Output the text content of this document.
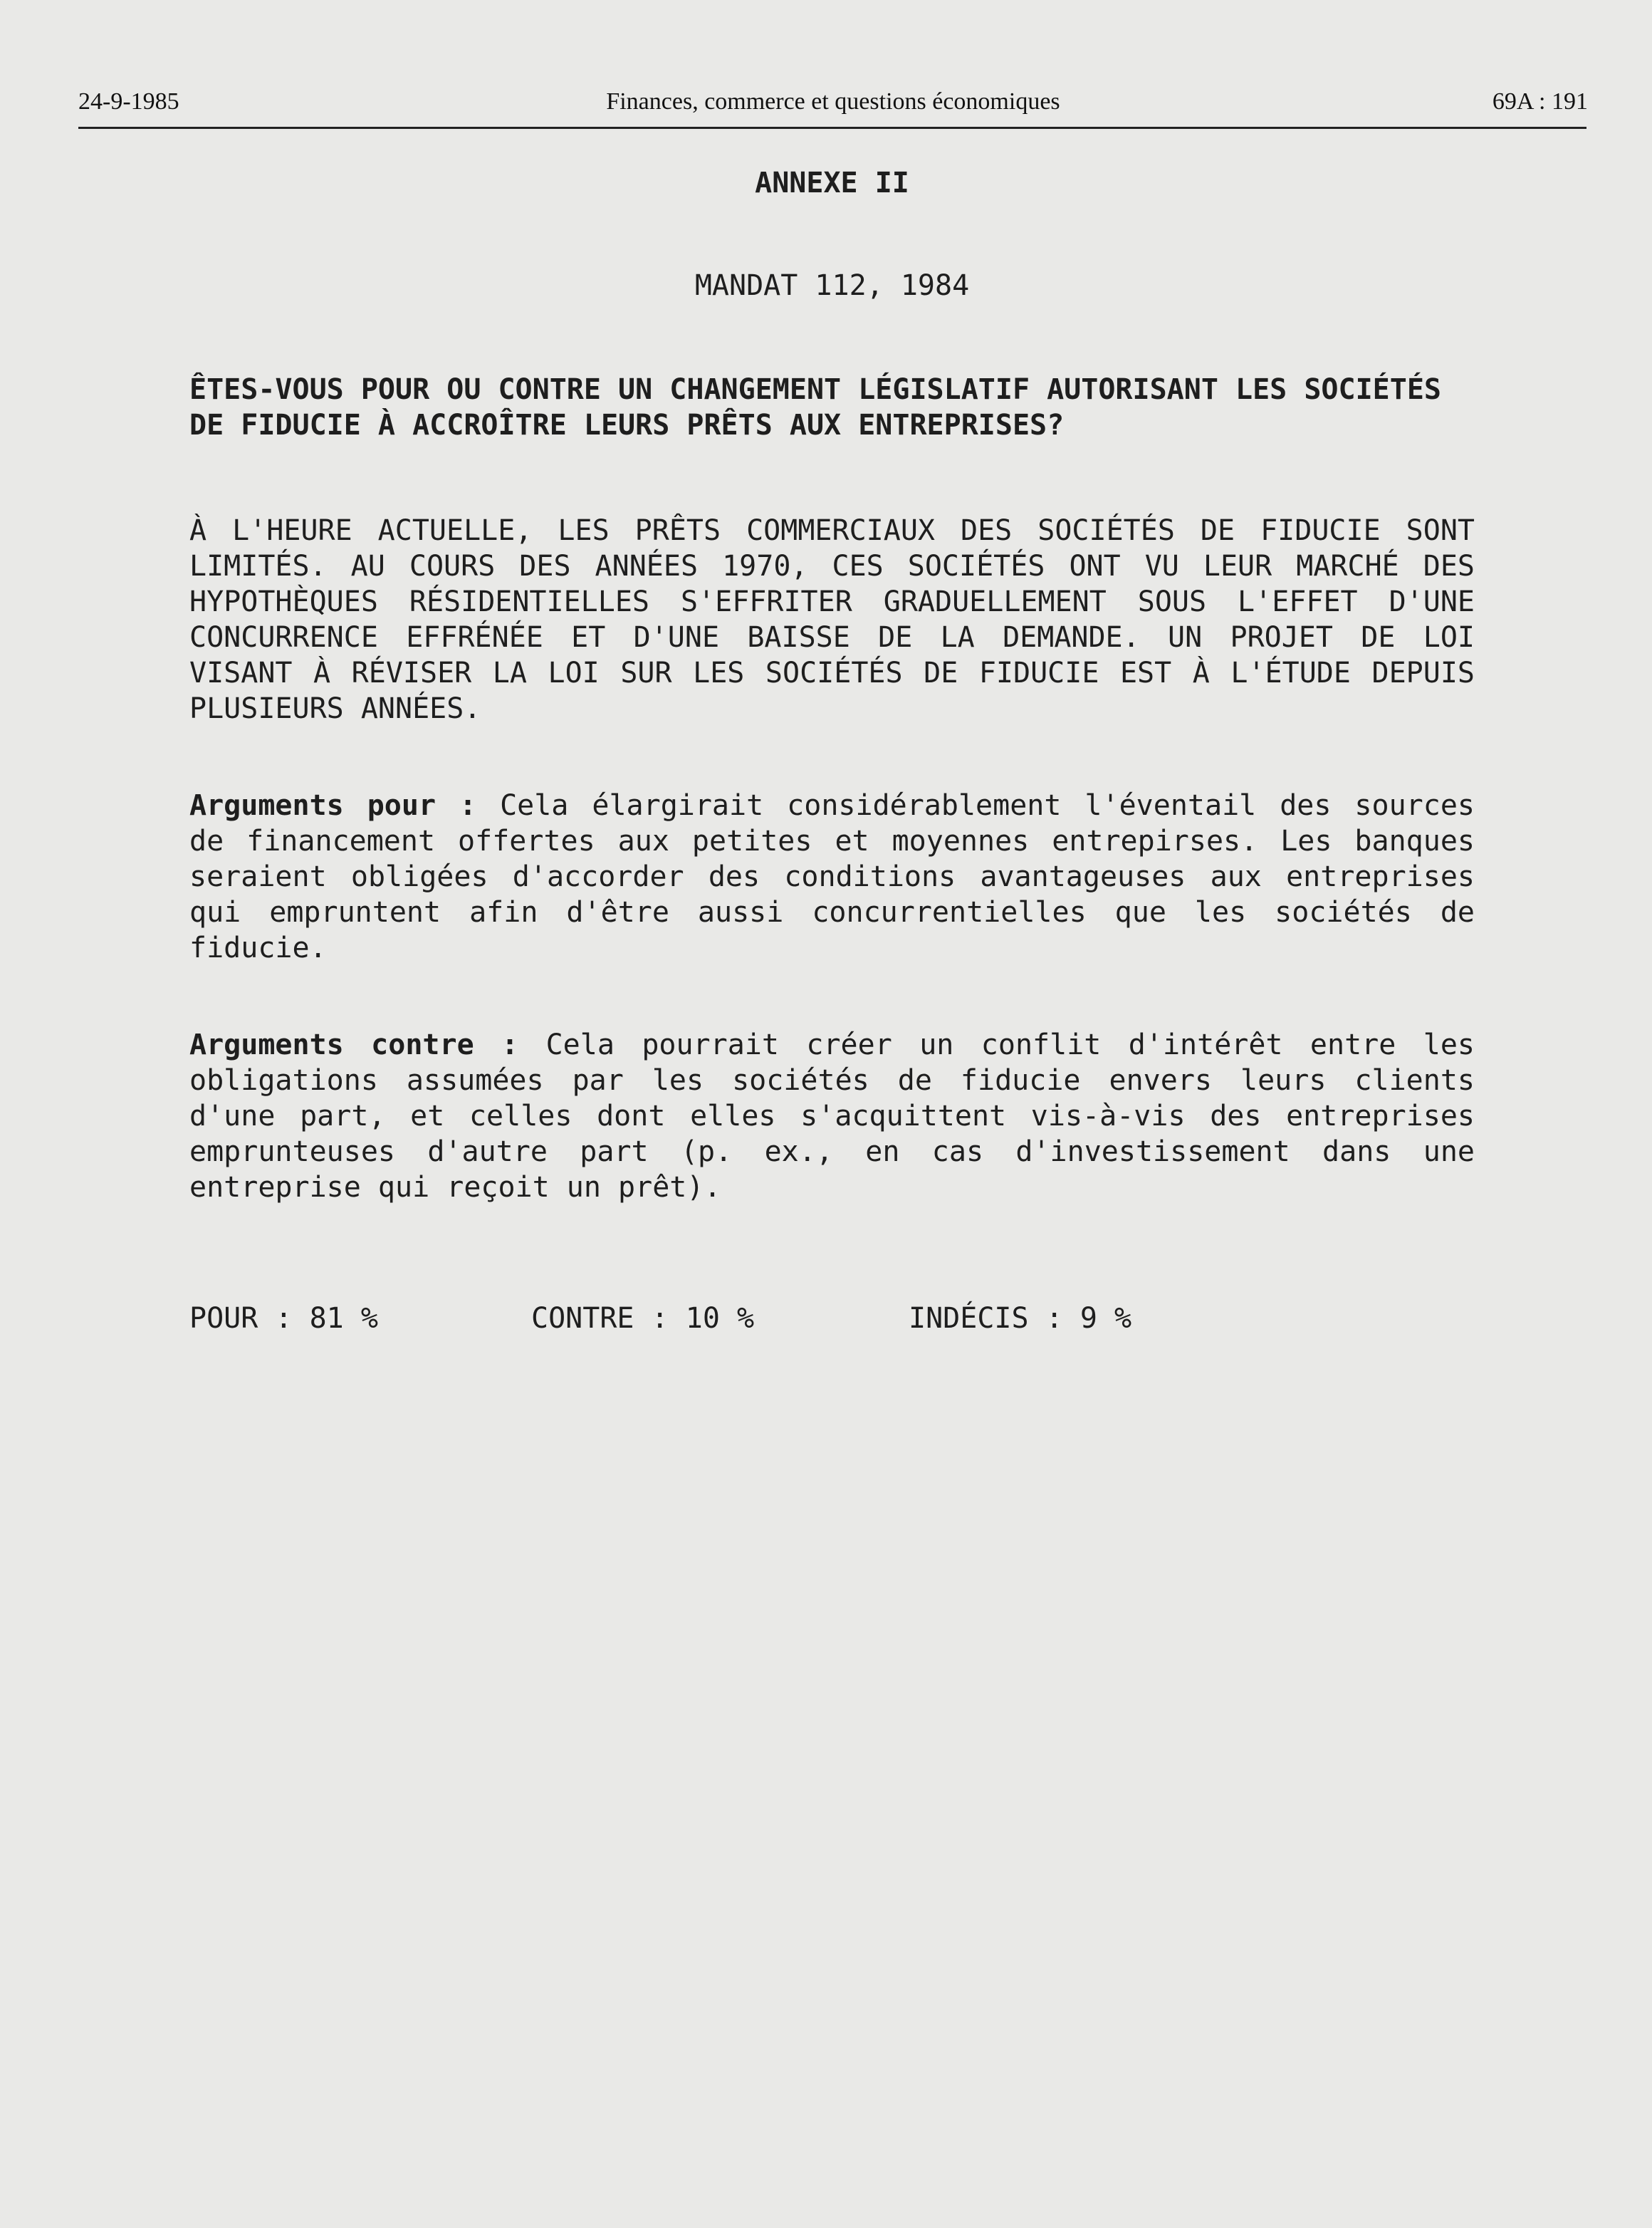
Finances, commerce et questions économiques
24-9-1985	69A : 191
ANNEXE II
MANDAT 112, 1984

ÊTES-VOUS POUR OU CONTRE UN CHANGEMENT LÉGISLATIF AUTORISANT LES SOCIÉTÉS DE FIDUCIE À ACCROÎTRE LEURS PRÊTS AUX ENTREPRISES?

À L'HEURE ACTUELLE, LES PRÊTS COMMERCIAUX DES SOCIÉTÉS DE FIDUCIE SONT LIMITÉS. AU COURS DES ANNÉES 1970, CES SOCIÉTÉS ONT VU LEUR MARCHÉ DES HYPOTHÈQUES RÉSIDENTIELLES S'EFFRITER GRADUELLEMENT SOUS L'EFFET D'UNE CONCURRENCE EFFRÉNÉE ET D'UNE BAISSE DE LA DEMANDE. UN PROJET DE LOI VISANT À RÉVISER LA LOI SUR LES SOCIÉTÉS DE FIDUCIE EST À L'ÉTUDE DEPUIS PLUSIEURS ANNÉES.

Arguments pour : Cela élargirait considérablement l'éventail des sources de financement offertes aux petites et moyennes entrepirses. Les banques seraient obligées d'accorder des conditions avantageuses aux entreprises qui empruntent afin d'être aussi concurrentielles que les sociétés de fiducie.

Arguments contre : Cela pourrait créer un conflit d'intérêt entre les obligations assumées par les sociétés de fiducie envers leurs clients d'une part, et celles dont elles s'acquittent vis-à-vis des entreprises emprunteuses d'autre part (p. ex., en cas d'investissement dans une entreprise qui reçoit un prêt).

POUR : 81 %	CONTRE : 10 %	INDÉCIS : 9 %
